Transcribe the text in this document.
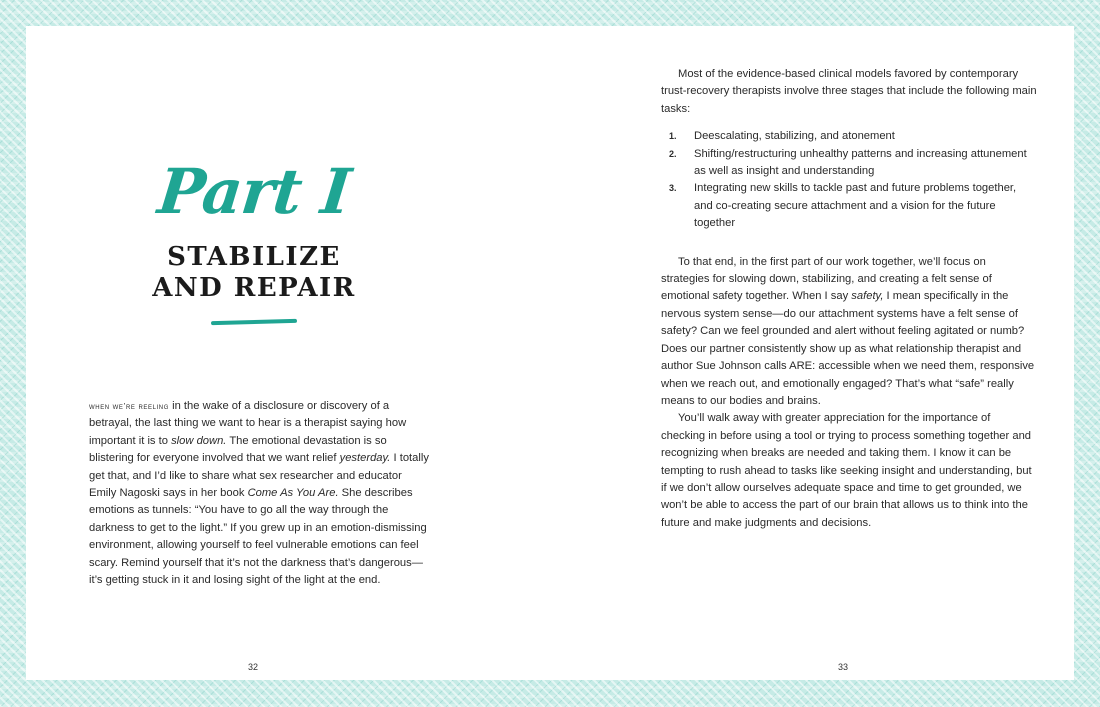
Part I
STABILIZE
AND REPAIR

when we’re reeling in the wake of a disclosure or discovery of a betrayal, the last thing we want to hear is a therapist saying how important it is to slow down. The emotional devastation is so blistering for everyone involved that we want relief yesterday. I totally get that, and I’d like to share what sex researcher and educator Emily Nagoski says in her book Come As You Are. She describes emotions as tunnels: “You have to go all the way through the darkness to get to the light.” If you grew up in an emotion-dismissing environment, allowing yourself to feel vulnerable emotions can feel scary. Remind yourself that it’s not the darkness that’s dangerous—it’s getting stuck in it and losing sight of the light at the end.

Most of the evidence-based clinical models favored by contemporary trust-recovery therapists involve three stages that include the following main tasks:

1. Deescalating, stabilizing, and atonement
2. Shifting/restructuring unhealthy patterns and increasing attunement as well as insight and understanding
3. Integrating new skills to tackle past and future problems together, and co-creating secure attachment and a vision for the future together

To that end, in the first part of our work together, we’ll focus on strategies for slowing down, stabilizing, and creating a felt sense of emotional safety together. When I say safety, I mean specifically in the nervous system sense—do our attachment systems have a felt sense of safety? Can we feel grounded and alert without feeling agitated or numb? Does our partner consistently show up as what relationship therapist and author Sue Johnson calls ARE: accessible when we need them, responsive when we reach out, and emotionally engaged? That’s what “safe” really means to our bodies and brains.

You’ll walk away with greater appreciation for the importance of checking in before using a tool or trying to process something together and recognizing when breaks are needed and taking them. I know it can be tempting to rush ahead to tasks like seeking insight and understanding, but if we don’t allow ourselves adequate space and time to get grounded, we won’t be able to access the part of our brain that allows us to think into the future and make judgments and decisions.

32	33
